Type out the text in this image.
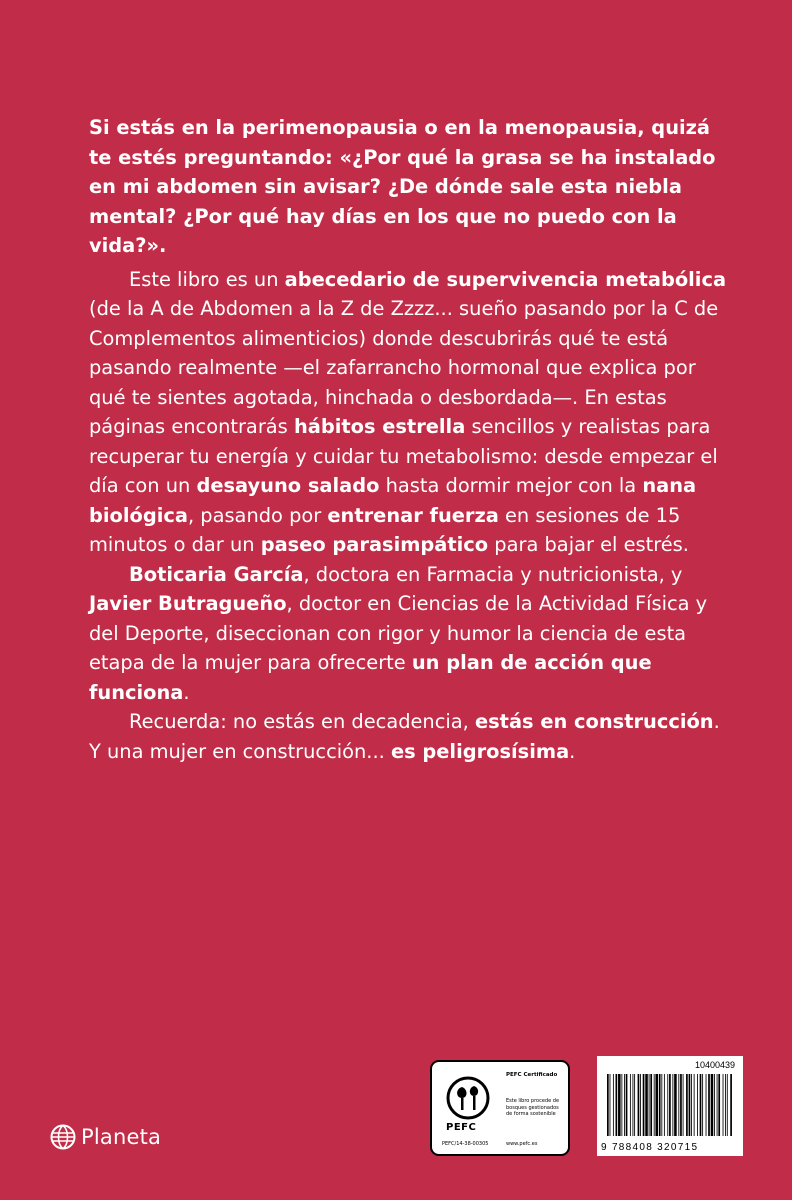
Si estás en la perimenopausia o en la menopausia, quizá te estés preguntando: «¿Por qué la grasa se ha instalado en mi abdomen sin avisar? ¿De dónde sale esta niebla mental? ¿Por qué hay días en los que no puedo con la vida?».

Este libro es un abecedario de supervivencia metabólica (de la A de Abdomen a la Z de Zzzz... sueño pasando por la C de Complementos alimenticios) donde descubrirás qué te está pasando realmente —el zafarrancho hormonal que explica por qué te sientes agotada, hinchada o desbordada—. En estas páginas encontrarás hábitos estrella sencillos y realistas para recuperar tu energía y cuidar tu metabolismo: desde empezar el día con un desayuno salado hasta dormir mejor con la nana biológica, pasando por entrenar fuerza en sesiones de 15 minutos o dar un paseo parasimpático para bajar el estrés.

Boticaria García, doctora en Farmacia y nutricionista, y Javier Butragueño, doctor en Ciencias de la Actividad Física y del Deporte, diseccionan con rigor y humor la ciencia de esta etapa de la mujer para ofrecerte un plan de acción que funciona.

Recuerda: no estás en decadencia, estás en construcción. Y una mujer en construcción... es peligrosísima.

Planeta
PEFC Certificado
Este libro procede de bosques gestionados de forma sostenible
PEFC
PEFC/14-38-00305	www.pefc.es
10400439
9 788408 320715
